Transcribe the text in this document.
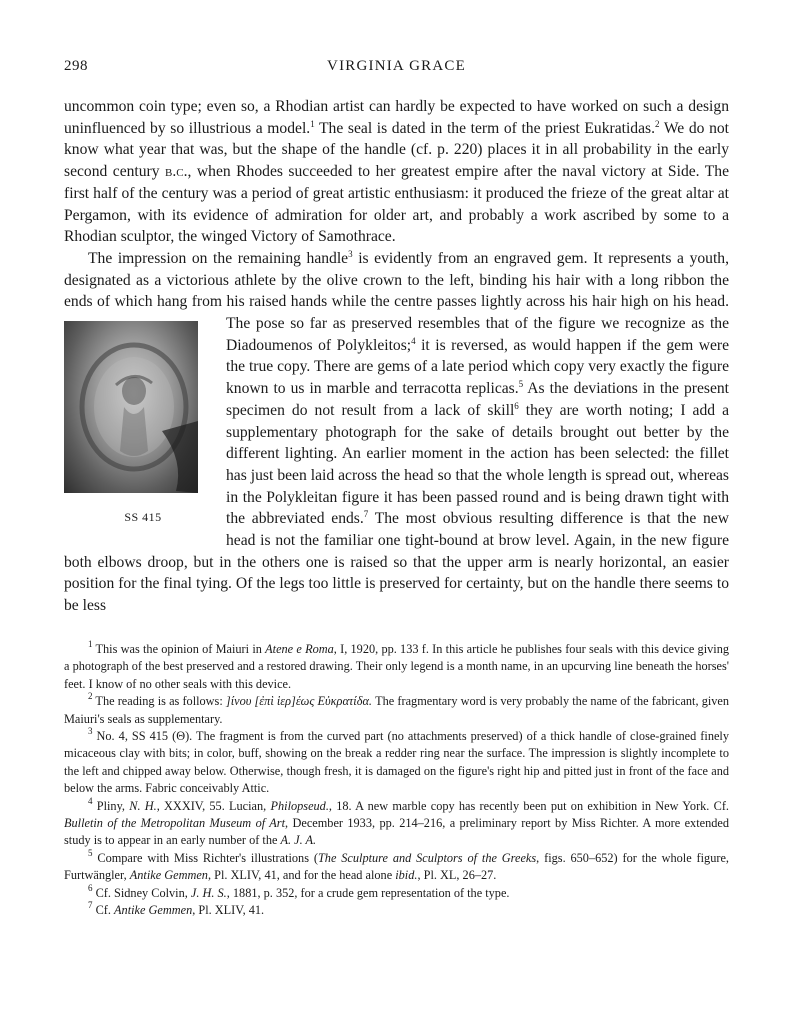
298	VIRGINIA GRACE

uncommon coin type; even so, a Rhodian artist can hardly be expected to have worked on such a design uninfluenced by so illustrious a model.$^1$ The seal is dated in the term of the priest Eukratidas.$^2$ We do not know what year that was, but the shape of the handle (cf. p. 220) places it in all probability in the early second century b.c., when Rhodes succeeded to her greatest empire after the naval victory at Side. The first half of the century was a period of great artistic enthusiasm: it produced the frieze of the great altar at Pergamon, with its evidence of admiration for older art, and probably a work ascribed by some to a Rhodian sculptor, the winged Victory of Samothrace.

The impression on the remaining handle$^3$ is evidently from an engraved gem. It represents a youth, designated as a victorious athlete by the olive crown to the left, binding his hair with a long ribbon the ends of which hang from his raised hands while the centre passes lightly across his hair high on his head. The pose so far as preserved
SS 415
resembles that of the figure we recognize as the Diadoumenos of Polykleitos;$^4$ it is reversed, as would happen if the gem were the true copy. There are gems of a late period which copy very exactly the figure known to us in marble and terracotta replicas.$^5$ As the deviations in the present specimen do not result from a lack of skill$^6$ they are worth noting; I add a supplementary photograph for the sake of details brought out better by the different lighting. An earlier moment in the action has been selected: the fillet has just been laid across the head so that the whole length is spread out, whereas in the Polykleitan figure it has been passed round and is being drawn tight with the abbreviated ends.$^7$ The most obvious resulting difference is that the new head is not the familiar one tight-bound at brow level. Again, in the new figure both elbows droop, but in the others one is raised so that the upper arm is nearly horizontal, an easier position for the final tying. Of the legs too little is preserved for certainty, but on the handle there seems to be less

$^1$ This was the opinion of Maiuri in Atene e Roma, I, 1920, pp. 133 f. In this article he publishes four seals with this device giving a photograph of the best preserved and a restored drawing. Their only legend is a month name, in an upcurving line beneath the horses' feet. I know of no other seals with this device.

$^2$ The reading is as follows: ]ίνου [ἐπὶ ἱερ]έως Εὐκρατίδα. The fragmentary word is very probably the name of the fabricant, given Maiuri's seals as supplementary.

$^3$ No. 4, SS 415 (Θ). The fragment is from the curved part (no attachments preserved) of a thick handle of close-grained finely micaceous clay with bits; in color, buff, showing on the break a redder ring near the surface. The impression is slightly incomplete to the left and chipped away below. Otherwise, though fresh, it is damaged on the figure's right hip and pitted just in front of the face and below the arms. Fabric conceivably Attic.

$^4$ Pliny, N. H., XXXIV, 55. Lucian, Philopseud., 18. A new marble copy has recently been put on exhibition in New York. Cf. Bulletin of the Metropolitan Museum of Art, December 1933, pp. 214–216, a preliminary report by Miss Richter. A more extended study is to appear in an early number of the A. J. A.

$^5$ Compare with Miss Richter's illustrations (The Sculpture and Sculptors of the Greeks, figs. 650–652) for the whole figure, Furtwängler, Antike Gemmen, Pl. XLIV, 41, and for the head alone ibid., Pl. XL, 26–27.

$^6$ Cf. Sidney Colvin, J. H. S., 1881, p. 352, for a crude gem representation of the type.

$^7$ Cf. Antike Gemmen, Pl. XLIV, 41.
